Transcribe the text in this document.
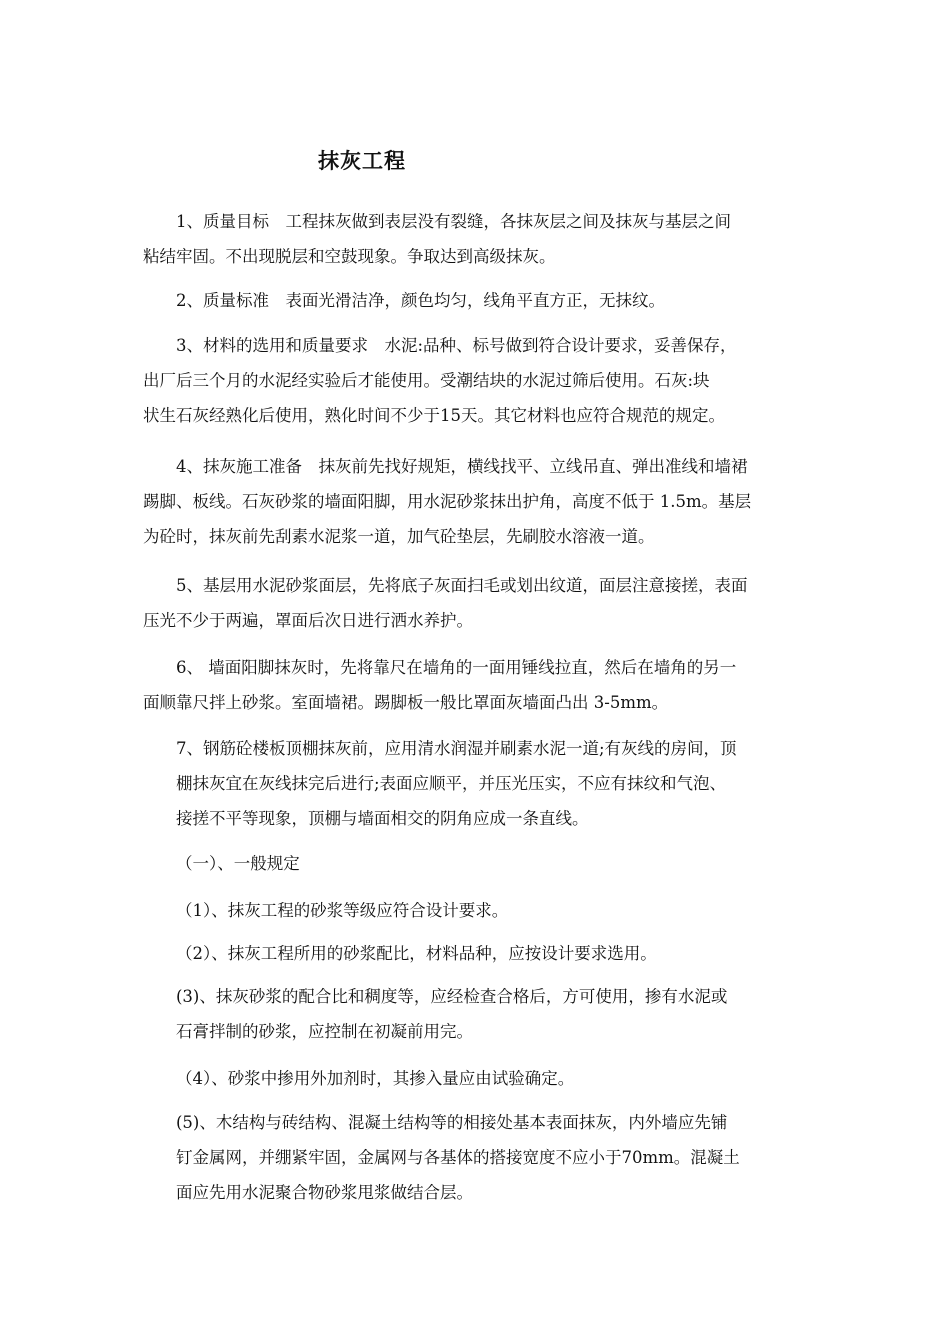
抹灰工程

1、质量目标　工程抹灰做到表层没有裂缝，各抹灰层之间及抹灰与基层之间
粘结牢固。不出现脱层和空鼓现象。争取达到高级抹灰。

2、质量标准　表面光滑洁净，颜色均匀，线角平直方正，无抹纹。

3、材料的选用和质量要求　水泥:品种、标号做到符合设计要求，妥善保存，
出厂后三个月的水泥经实验后才能使用。受潮结块的水泥过筛后使用。石灰:块
状生石灰经熟化后使用，熟化时间不少于15天。其它材料也应符合规范的规定。

4、抹灰施工准备　抹灰前先找好规矩，横线找平、立线吊直、弹出准线和墙裙
踢脚、板线。石灰砂浆的墙面阳脚，用水泥砂浆抹出护角，高度不低于 1.5m。基层
为砼时，抹灰前先刮素水泥浆一道，加气砼垫层，先刷胶水溶液一道。

5、基层用水泥砂浆面层，先将底子灰面扫毛或划出纹道，面层注意接搓，表面
压光不少于两遍，罩面后次日进行洒水养护。

6、 墙面阳脚抹灰时，先将靠尺在墙角的一面用锤线拉直，然后在墙角的另一
面顺靠尺拌上砂浆。室面墙裙。踢脚板一般比罩面灰墙面凸出 3-5mm。

7、钢筋砼楼板顶棚抹灰前，应用清水润湿并刷素水泥一道;有灰线的房间，顶
棚抹灰宜在灰线抹完后进行;表面应顺平，并压光压实，不应有抹纹和气泡、
接搓不平等现象，顶棚与墙面相交的阴角应成一条直线。

（一）、一般规定

（1）、抹灰工程的砂浆等级应符合设计要求。

（2）、抹灰工程所用的砂浆配比，材料品种，应按设计要求选用。

(3)、抹灰砂浆的配合比和稠度等，应经检查合格后，方可使用，掺有水泥或
石膏拌制的砂浆，应控制在初凝前用完。

（4）、砂浆中掺用外加剂时，其掺入量应由试验确定。

(5)、木结构与砖结构、混凝土结构等的相接处基本表面抹灰，内外墙应先铺
钉金属网，并绷紧牢固，金属网与各基体的搭接宽度不应小于70mm。混凝土
面应先用水泥聚合物砂浆甩浆做结合层。
